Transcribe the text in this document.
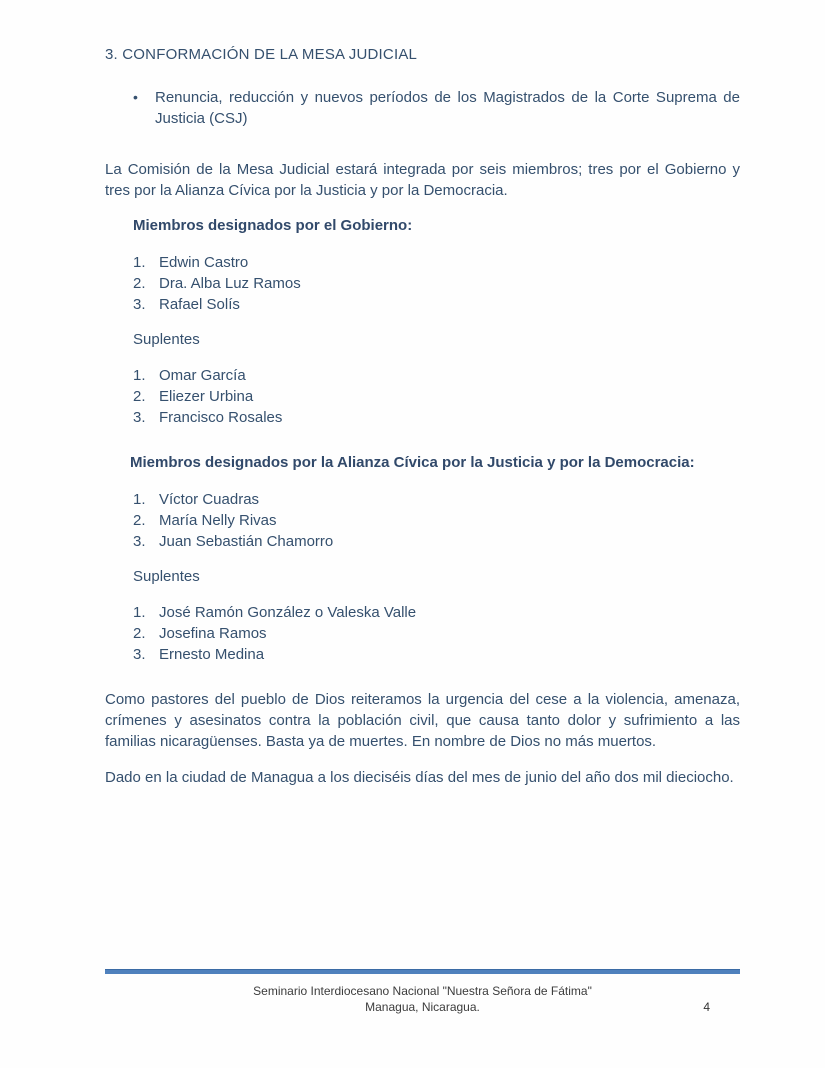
3. CONFORMACIÓN DE LA MESA JUDICIAL
•	Renuncia, reducción y nuevos períodos de los Magistrados de la Corte Suprema de Justicia (CSJ)

La Comisión de la Mesa Judicial estará integrada por seis miembros; tres por el Gobierno y tres por la Alianza Cívica por la Justicia y por la Democracia.

Miembros designados por el Gobierno:
Edwin Castro
Dra. Alba Luz Ramos
Rafael Solís

Suplentes

Omar García
Eliezer Urbina
Francisco Rosales
Miembros designados por la Alianza Cívica por la Justicia y por la Democracia:
Víctor Cuadras
María Nelly Rivas
Juan Sebastián Chamorro

Suplentes

José Ramón González o Valeska Valle
Josefina Ramos
Ernesto Medina

Como pastores del pueblo de Dios reiteramos la urgencia del cese a la violencia, amenaza, crímenes y asesinatos contra la población civil, que causa tanto dolor y sufrimiento a las familias nicaragüenses. Basta ya de muertes. En nombre de Dios no más muertos.

Dado en la ciudad de Managua a los dieciséis días del mes de junio del año dos mil dieciocho.

Seminario Interdiocesano Nacional "Nuestra Señora de Fátima"
Managua, Nicaragua.	4
